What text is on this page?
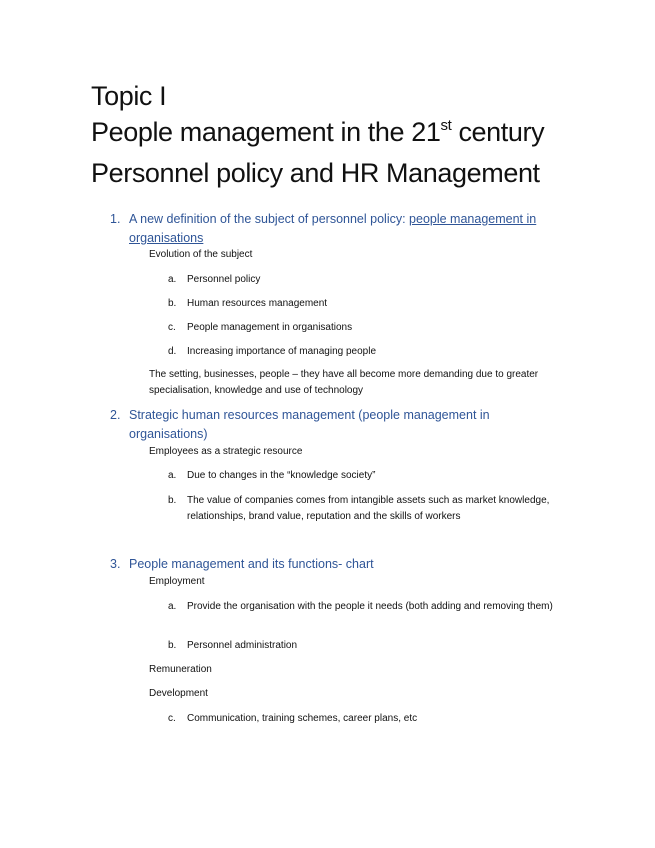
Topic I
People management in the 21st century
Personnel policy and HR Management
1. A new definition of the subject of personnel policy: people management in organisations
Evolution of the subject
a. Personnel policy
b. Human resources management
c. People management in organisations
d. Increasing importance of managing people
The setting, businesses, people – they have all become more demanding due to greater specialisation, knowledge and use of technology
2. Strategic human resources management (people management in organisations)
Employees as a strategic resource
a. Due to changes in the “knowledge society”
b. The value of companies comes from intangible assets such as market knowledge, relationships, brand value, reputation and the skills of workers
3. People management and its functions- chart
Employment
a. Provide the organisation with the people it needs (both adding and removing them)
b. Personnel administration
Remuneration
Development
c. Communication, training schemes, career plans, etc
